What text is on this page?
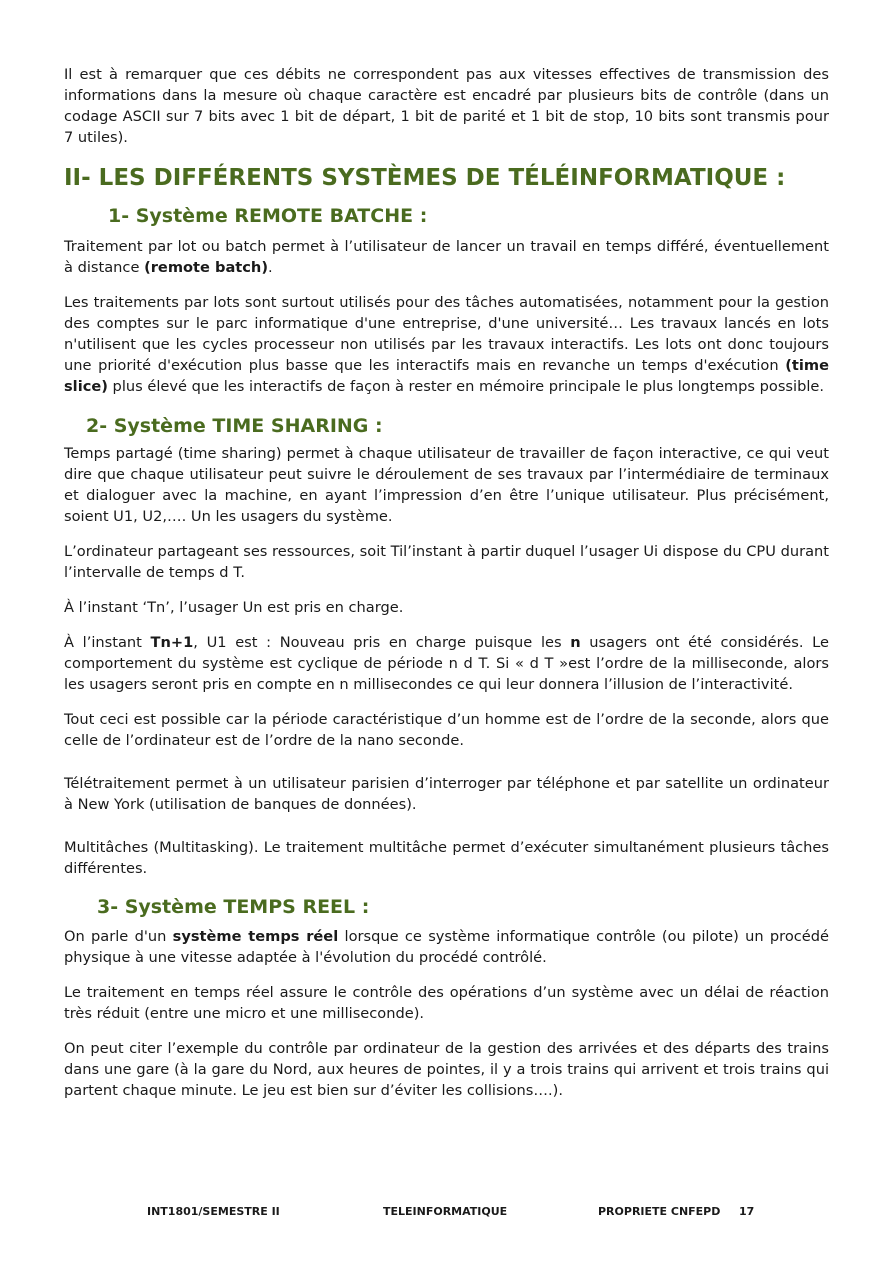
Il est à remarquer que ces débits ne correspondent pas aux vitesses effectives de transmission des informations dans la mesure où chaque caractère est encadré par plusieurs bits de contrôle (dans un codage ASCII sur 7 bits avec 1 bit de départ, 1 bit de parité et 1 bit de stop, 10 bits sont transmis pour 7 utiles).

II- LES DIFFÉRENTS SYSTÈMES DE TÉLÉINFORMATIQUE :
1- Système REMOTE BATCHE :

Traitement par lot ou batch permet à l’utilisateur de lancer un travail en temps différé, éventuellement à distance (remote batch).

Les traitements par lots sont surtout utilisés pour des tâches automatisées, notamment pour la gestion des comptes sur le parc informatique d'une entreprise, d'une université… Les travaux lancés en lots n'utilisent que les cycles processeur non utilisés par les travaux interactifs. Les lots ont donc toujours une priorité d'exécution plus basse que les interactifs mais en revanche un temps d'exécution (time slice) plus élevé que les interactifs de façon à rester en mémoire principale le plus longtemps possible.

2- Système TIME SHARING :

Temps partagé (time sharing) permet à chaque utilisateur de travailler de façon interactive, ce qui veut dire que chaque utilisateur peut suivre le déroulement de ses travaux par l’intermédiaire de terminaux et dialoguer avec la machine, en ayant l’impression d’en être l’unique utilisateur. Plus précisément, soient U1, U2,…. Un les usagers du système.

L’ordinateur partageant ses ressources, soit Til’instant à partir duquel l’usager Ui dispose du CPU durant l’intervalle de temps d T.

À l’instant ‘Tn’, l’usager Un est pris en charge.

À l’instant Tn+1, U1 est : Nouveau pris en charge puisque les n usagers ont été considérés. Le comportement du système est cyclique de période n d T. Si « d T »est l’ordre de la milliseconde, alors les usagers seront pris en compte en n millisecondes ce qui leur donnera l’illusion de l’interactivité.

Tout ceci est possible car la période caractéristique d’un homme est de l’ordre de la seconde, alors que celle de l’ordinateur est de l’ordre de la nano seconde.

Télétraitement permet à un utilisateur parisien d’interroger par téléphone et par satellite un ordinateur à New York (utilisation de banques de données).

Multitâches (Multitasking). Le traitement multitâche permet d’exécuter simultanément plusieurs tâches différentes.

3- Système TEMPS REEL :

On parle d'un système temps réel lorsque ce système informatique contrôle (ou pilote) un procédé physique à une vitesse adaptée à l'évolution du procédé contrôlé.

Le traitement en temps réel assure le contrôle des opérations d’un système avec un délai de réaction très réduit (entre une micro et une milliseconde).

On peut citer l’exemple du contrôle par ordinateur de la gestion des arrivées et des départs des trains dans une gare (à la gare du Nord, aux heures de pointes, il y a trois trains qui arrivent et trois trains qui partent chaque minute. Le jeu est bien sur d’éviter les collisions….).

INT1801/SEMESTRE II	TELEINFORMATIQUE	PROPRIETE CNFEPD 17
